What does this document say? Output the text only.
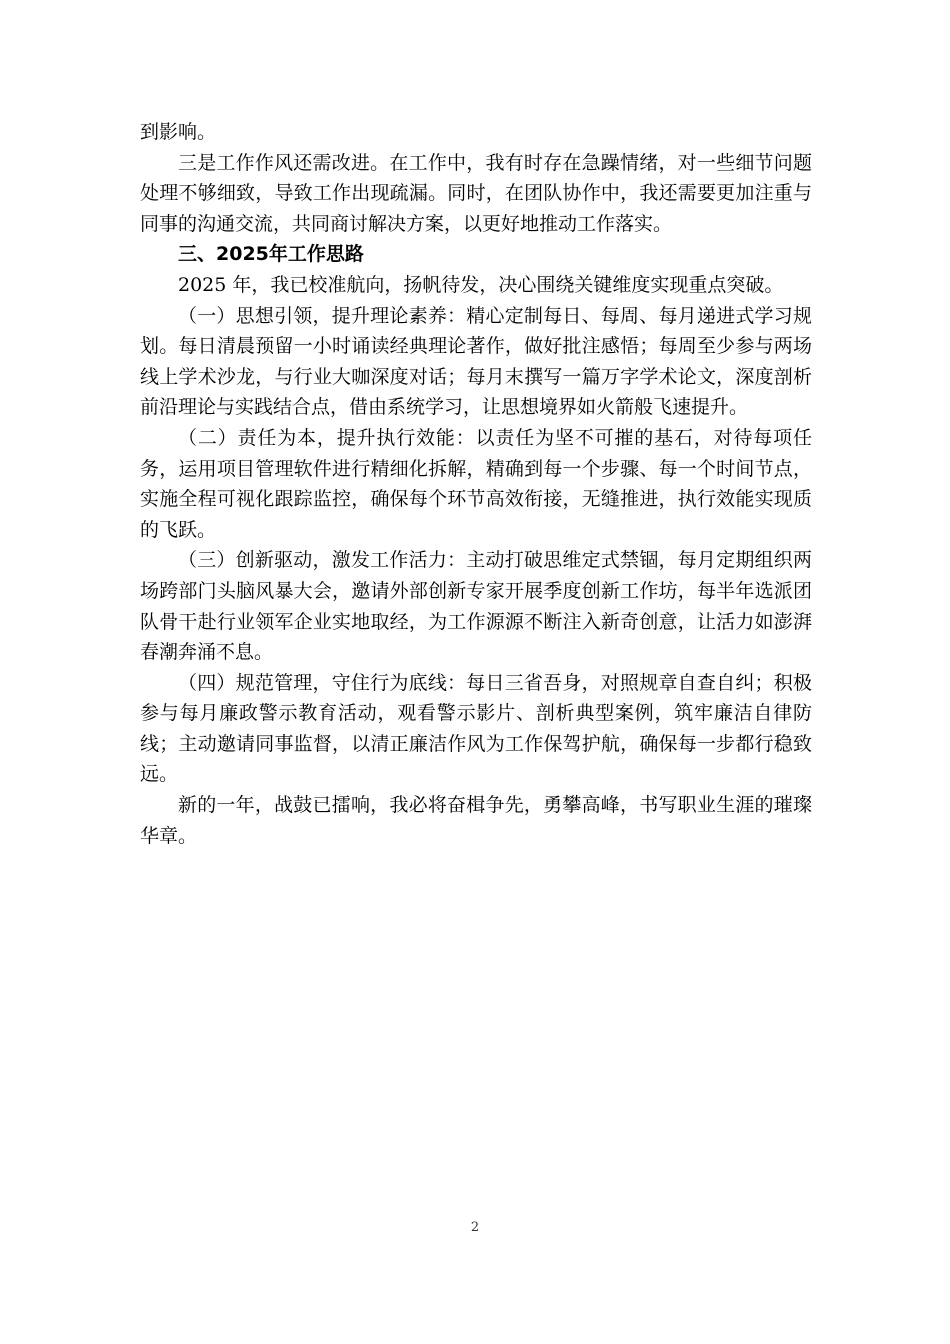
到影响。

三是工作作风还需改进。在工作中，我有时存在急躁情绪，对一些细节问题处理不够细致，导致工作出现疏漏。同时，在团队协作中，我还需要更加注重与同事的沟通交流，共同商讨解决方案，以更好地推动工作落实。

三、2025年工作思路

2025 年，我已校准航向，扬帆待发，决心围绕关键维度实现重点突破。

（一）思想引领，提升理论素养：精心定制每日、每周、每月递进式学习规划。每日清晨预留一小时诵读经典理论著作，做好批注感悟；每周至少参与两场线上学术沙龙，与行业大咖深度对话；每月末撰写一篇万字学术论文，深度剖析前沿理论与实践结合点，借由系统学习，让思想境界如火箭般飞速提升。

（二）责任为本，提升执行效能：以责任为坚不可摧的基石，对待每项任务，运用项目管理软件进行精细化拆解，精确到每一个步骤、每一个时间节点，实施全程可视化跟踪监控，确保每个环节高效衔接，无缝推进，执行效能实现质的飞跃。

（三）创新驱动，激发工作活力：主动打破思维定式禁锢，每月定期组织两场跨部门头脑风暴大会，邀请外部创新专家开展季度创新工作坊，每半年选派团队骨干赴行业领军企业实地取经，为工作源源不断注入新奇创意，让活力如澎湃春潮奔涌不息。

（四）规范管理，守住行为底线：每日三省吾身，对照规章自查自纠；积极参与每月廉政警示教育活动，观看警示影片、剖析典型案例，筑牢廉洁自律防线；主动邀请同事监督，以清正廉洁作风为工作保驾护航，确保每一步都行稳致远。

新的一年，战鼓已擂响，我必将奋楫争先，勇攀高峰，书写职业生涯的璀璨华章。

2
